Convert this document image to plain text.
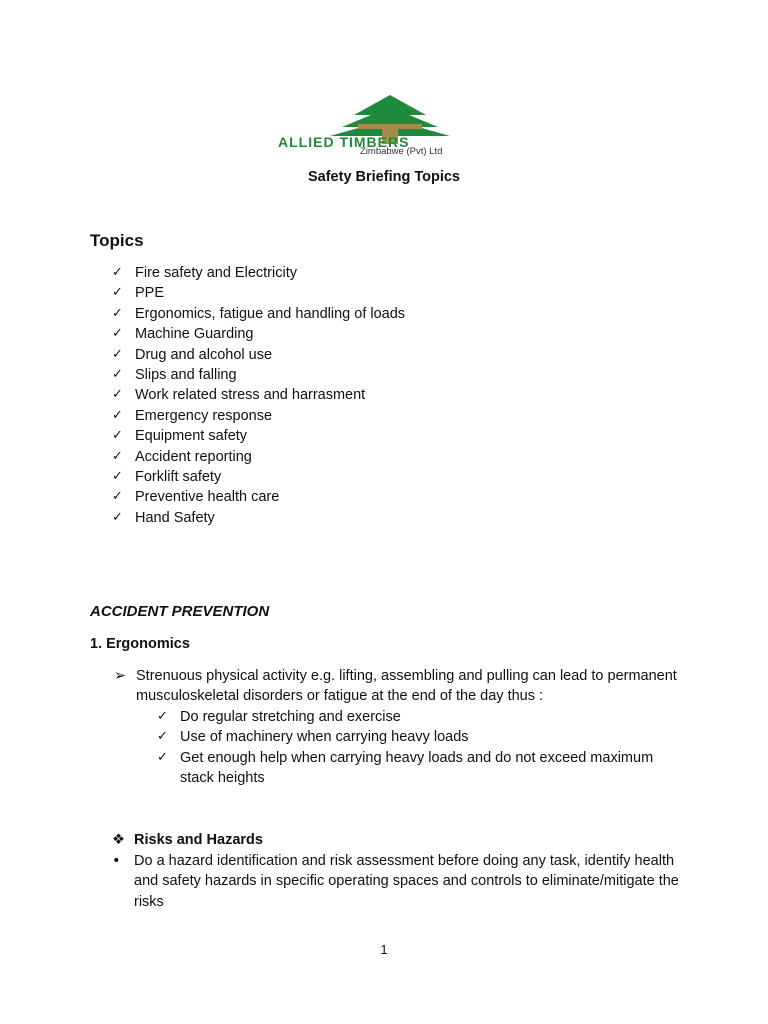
ALLIED TIMBERS
Zimbabwe (Pvt) Ltd
Safety Briefing Topics
Topics
✓ Fire safety and Electricity
✓ PPE
✓ Ergonomics, fatigue and handling of loads
✓ Machine Guarding
✓ Drug and alcohol use
✓ Slips and falling
✓ Work related stress and harrasment
✓ Emergency response
✓ Equipment safety
✓ Accident reporting
✓ Forklift safety
✓ Preventive health care
✓ Hand Safety
ACCIDENT PREVENTION
1. Ergonomics
➢ Strenuous physical activity e.g. lifting, assembling and pulling can lead to permanent musculoskeletal disorders or fatigue at the end of the day thus :
✓ Do regular stretching and exercise
✓ Use of machinery when carrying heavy loads
✓ Get enough help when carrying heavy loads and do not exceed maximum stack heights
❖ Risks and Hazards
• Do a hazard identification and risk assessment before doing any task, identify health and safety hazards in specific operating spaces and controls to eliminate/mitigate the risks
1
